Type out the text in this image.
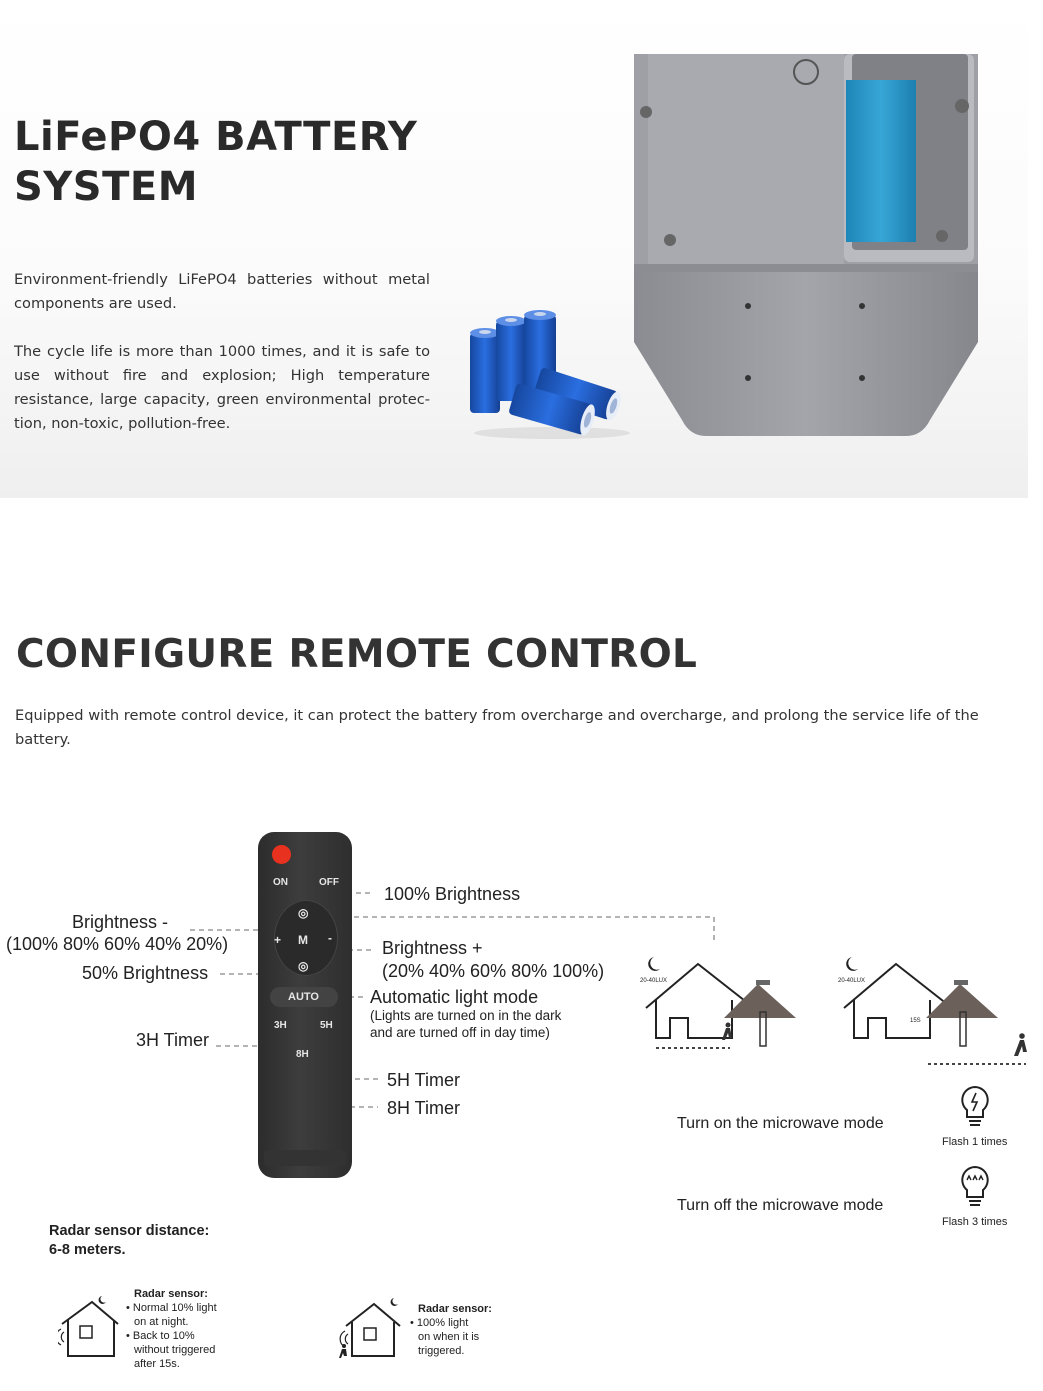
LiFePO4 BATTERY
SYSTEM

Environment-friendly LiFePO4 batteries without metal components are used.

The cycle life is more than 1000 times, and it is safe to use without fire and explosion; High temperature resistance, large capacity, green environmental protec-tion, non-toxic, pollution-free.

CONFIGURE REMOTE CONTROL

Equipped with remote control device, it can protect the battery from overcharge and overcharge, and prolong the service life of the battery.

ON	OFF
◎
+ M -
◎
AUTO
3H	5H
8H
100% Brightness
Brightness -
(100% 80% 60% 40% 20%)
50% Brightness
Brightness +
(20% 40% 60% 80% 100%)
Automatic light mode
(Lights are turned on in the dark
and are turned off in day time)
3H Timer
5H Timer
8H Timer
20-40LUX	20-40LUX
15S
Flash 1 times
Flash 3 times
Turn on the microwave mode
Turn off the microwave mode
Radar sensor distance:
6-8 meters.
Radar sensor:
• Normal 10% light
on at night.
• Back to 10%
without triggered
after 15s.
Radar sensor:
• 100% light
on when it is
triggered.
